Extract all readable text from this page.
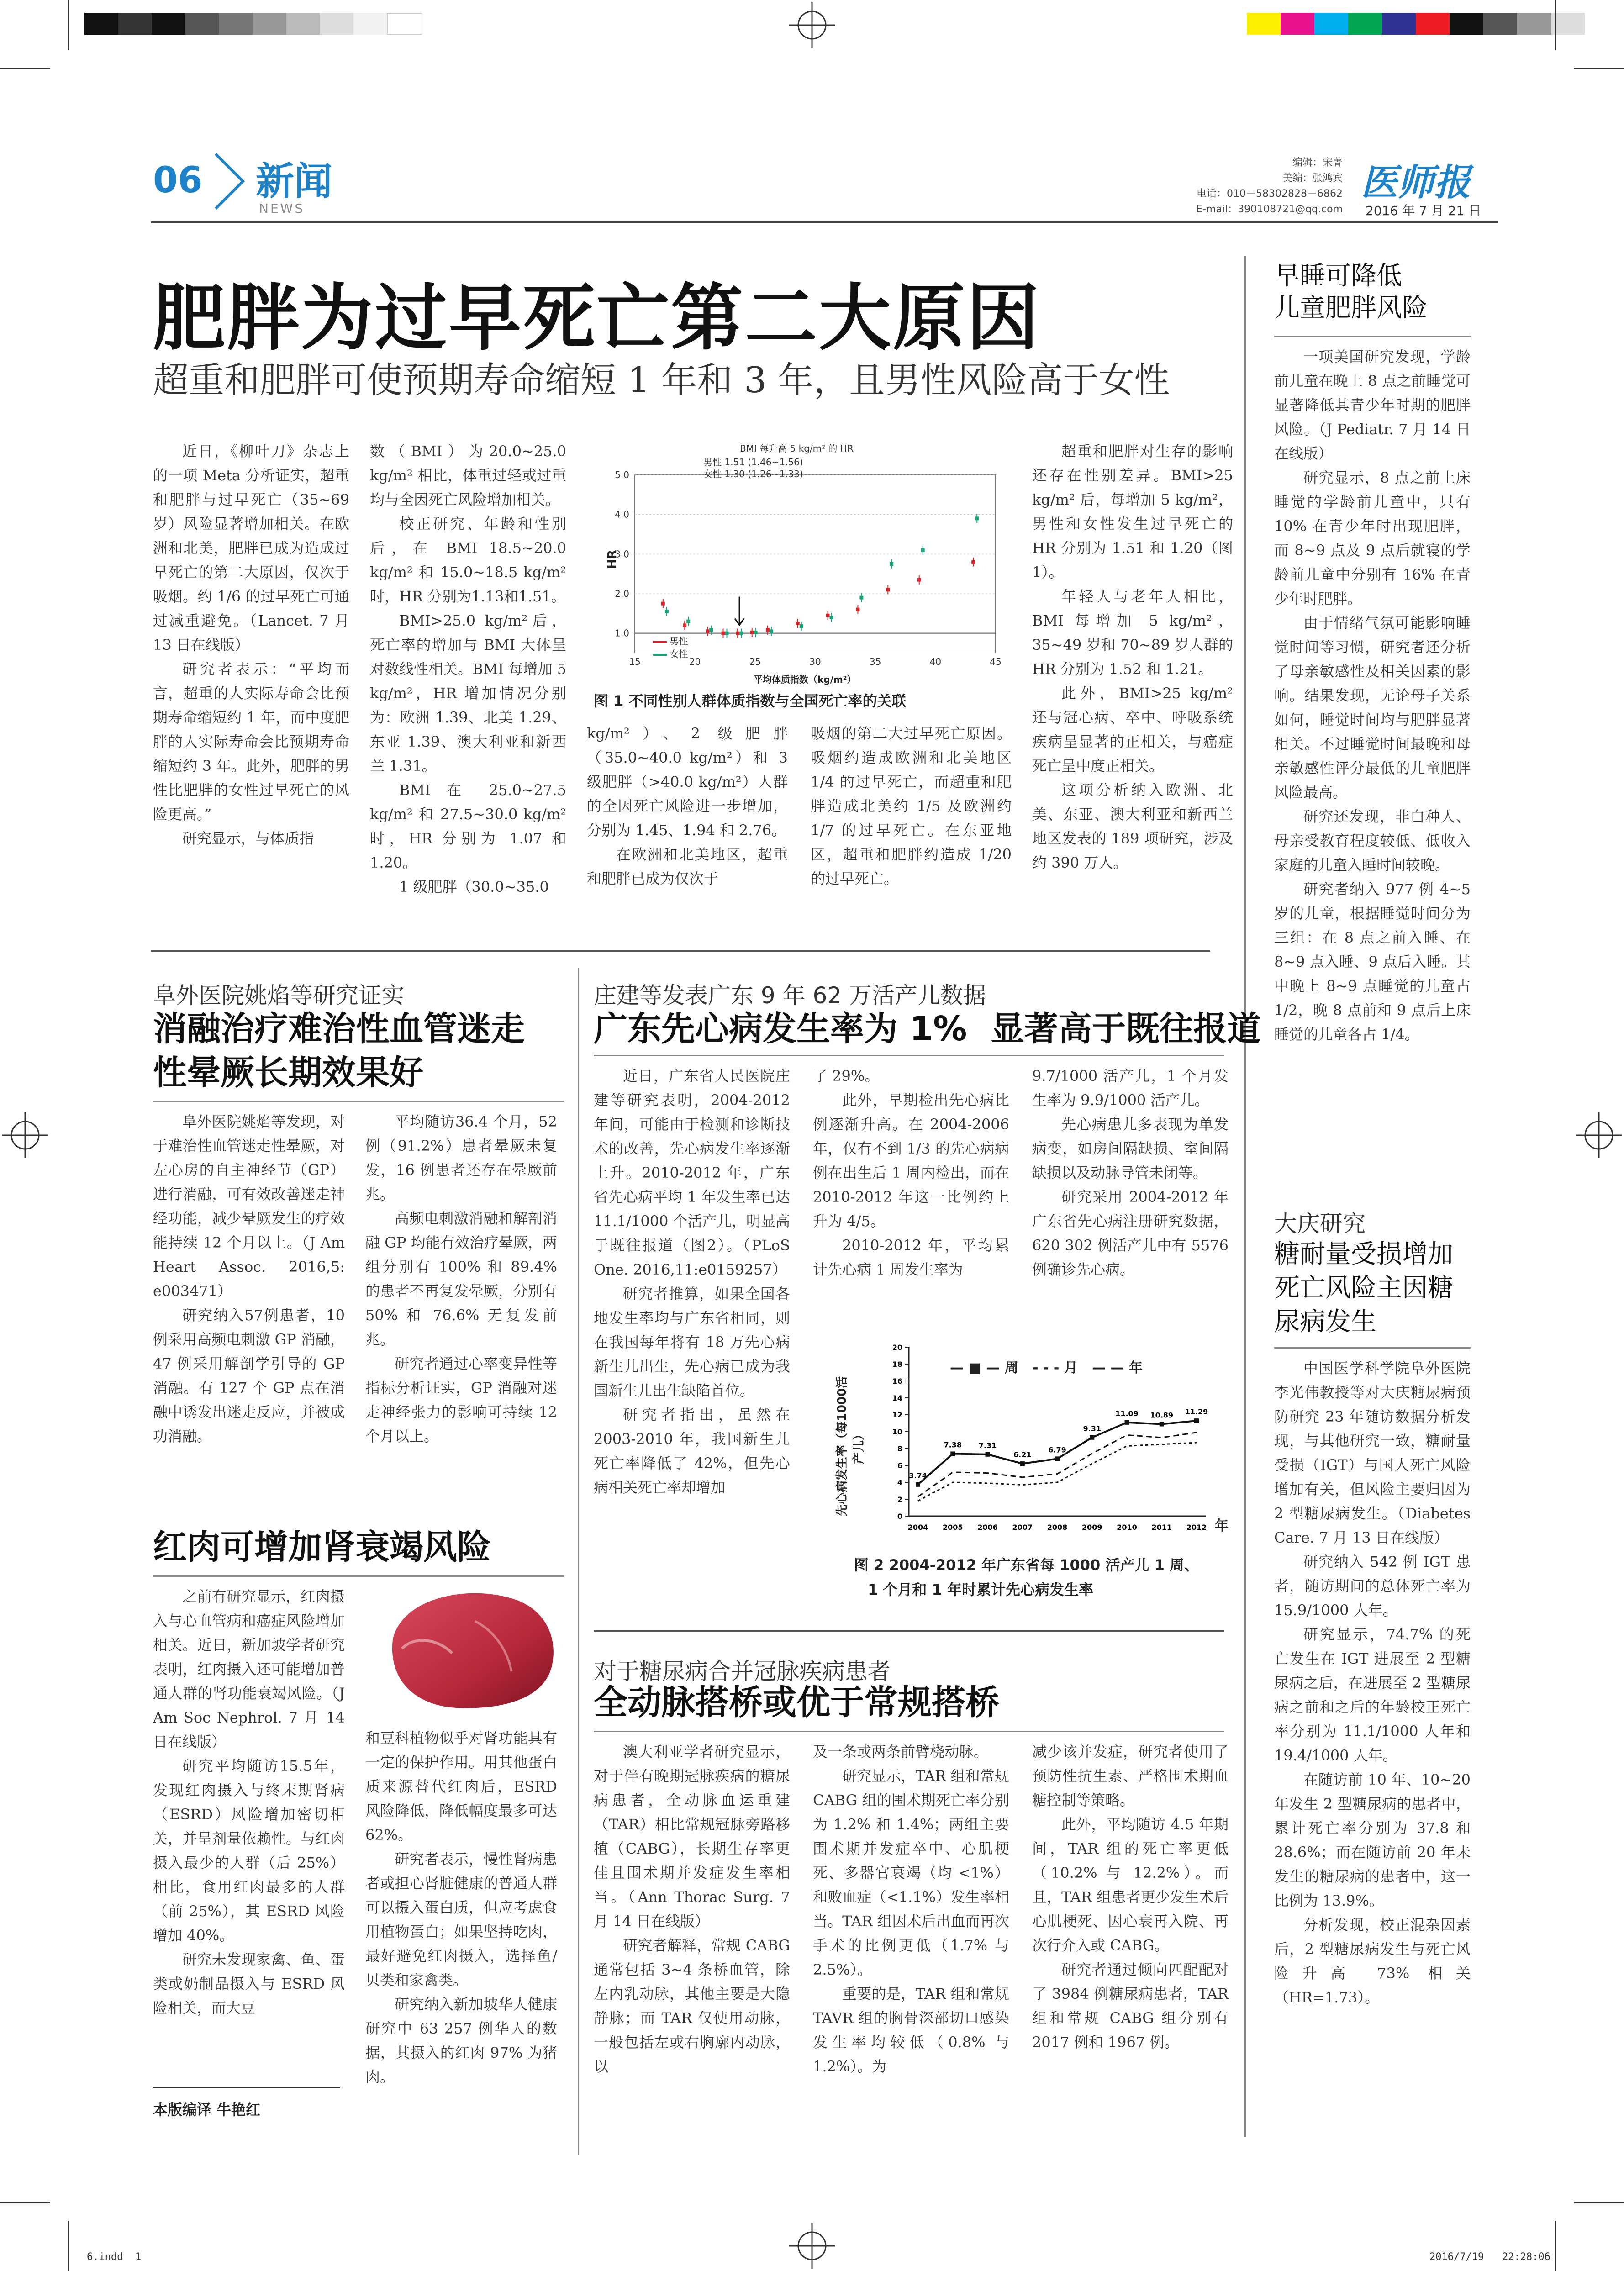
06 新闻
NEWS
编辑：宋菁
美编：张鸿宾
电话：010－58302828－6862
E-mail：390108721@qq.com
医师报
2016 年 7 月 21 日
肥胖为过早死亡第二大原因
超重和肥胖可使预期寿命缩短 1 年和 3 年，且男性风险高于女性

近日，《柳叶刀》杂志上的一项 Meta 分析证实，超重和肥胖与过早死亡（35~69 岁）风险显著增加相关。在欧洲和北美，肥胖已成为造成过早死亡的第二大原因，仅次于吸烟。约 1/6 的过早死亡可通过减重避免。（Lancet. 7 月 13 日在线版）

研究者表示：“平均而言，超重的人实际寿命会比预期寿命缩短约 1 年，而中度肥胖的人实际寿命会比预期寿命缩短约 3 年。此外，肥胖的男性比肥胖的女性过早死亡的风险更高。”

研究显示，与体质指

数（BMI）为20.0~25.0 kg/m² 相比，体重过轻或过重均与全因死亡风险增加相关。

校正研究、年龄和性别后，在 BMI 18.5~20.0 kg/m² 和 15.0~18.5 kg/m² 时，HR 分别为1.13和1.51。

BMI>25.0 kg/m²后，死亡率的增加与 BMI 大体呈对数线性相关。BMI 每增加 5 kg/m²，HR 增加情况分别为：欧洲 1.39、北美 1.29、东亚 1.39、澳大利亚和新西兰 1.31。

BMI 在 25.0~27.5 kg/m² 和 27.5~30.0 kg/m² 时，HR 分别为 1.07 和 1.20。

1 级肥胖（30.0~35.0

1.0
2.0
3.0
4.0
5.0
15	20	25	30	35	40	45
BMI 每升高 5 kg/m² 的 HR
男性 1.51 (1.46~1.56)
女性 1.30 (1.26~1.33)
HR
平均体质指数（kg/m²）
男性
女性
图 1 不同性别人群体质指数与全国死亡率的关联

kg/m²）、2 级肥胖（35.0~40.0 kg/m²）和 3 级肥胖（>40.0 kg/m²）人群的全因死亡风险进一步增加，分别为 1.45、1.94 和 2.76。

在欧洲和北美地区，超重和肥胖已成为仅次于

吸烟的第二大过早死亡原因。吸烟约造成欧洲和北美地区 1/4 的过早死亡，而超重和肥胖造成北美约 1/5 及欧洲约 1/7 的过早死亡。在东亚地区，超重和肥胖约造成 1/20 的过早死亡。

超重和肥胖对生存的影响还存在性别差异。BMI>25 kg/m² 后，每增加 5 kg/m²，男性和女性发生过早死亡的 HR 分别为 1.51 和 1.20（图 1）。

年轻人与老年人相比，BMI 每增加 5 kg/m²，35~49 岁和 70~89 岁人群的 HR 分别为 1.52 和 1.21。

此外，BMI>25 kg/m² 还与冠心病、卒中、呼吸系统疾病呈显著的正相关，与癌症死亡呈中度正相关。

这项分析纳入欧洲、北美、东亚、澳大利亚和新西兰地区发表的 189 项研究，涉及约 390 万人。

阜外医院姚焰等研究证实
消融治疗难治性血管迷走
性晕厥长期效果好

阜外医院姚焰等发现，对于难治性血管迷走性晕厥，对左心房的自主神经节（GP）进行消融，可有效改善迷走神经功能，减少晕厥发生的疗效能持续 12 个月以上。（J Am Heart Assoc. 2016,5: e003471）

研究纳入57例患者，10 例采用高频电刺激 GP 消融，47 例采用解剖学引导的 GP 消融。有 127 个 GP 点在消融中诱发出迷走反应，并被成功消融。

平均随访36.4 个月，52 例（91.2%）患者晕厥未复发，16 例患者还存在晕厥前兆。

高频电刺激消融和解剖消融 GP 均能有效治疗晕厥，两组分别有 100% 和 89.4% 的患者不再复发晕厥，分别有 50% 和 76.6% 无复发前兆。

研究者通过心率变异性等指标分析证实，GP 消融对迷走神经张力的影响可持续 12 个月以上。

红肉可增加肾衰竭风险

之前有研究显示，红肉摄入与心血管病和癌症风险增加相关。近日，新加坡学者研究表明，红肉摄入还可能增加普通人群的肾功能衰竭风险。（J Am Soc Nephrol. 7 月 14 日在线版）

研究平均随访15.5年，发现红肉摄入与终末期肾病（ESRD）风险增加密切相关，并呈剂量依赖性。与红肉摄入最少的人群（后 25%）相比，食用红肉最多的人群（前 25%），其 ESRD 风险增加 40%。

研究未发现家禽、鱼、蛋类或奶制品摄入与 ESRD 风险相关，而大豆

和豆科植物似乎对肾功能具有一定的保护作用。用其他蛋白质来源替代红肉后，ESRD 风险降低，降低幅度最多可达 62%。

研究者表示，慢性肾病患者或担心肾脏健康的普通人群可以摄入蛋白质，但应考虑食用植物蛋白；如果坚持吃肉，最好避免红肉摄入，选择鱼/贝类和家禽类。

研究纳入新加坡华人健康研究中 63 257 例华人的数据，其摄入的红肉 97% 为猪肉。

本版编译 牛艳红
庄建等发表广东 9 年 62 万活产儿数据
广东先心病发生率为 1%  显著高于既往报道

近日，广东省人民医院庄建等研究表明，2004-2012 年间，可能由于检测和诊断技术的改善，先心病发生率逐渐上升。2010-2012 年，广东省先心病平均 1 年发生率已达 11.1/1000 个活产儿，明显高于既往报道（图2）。（PLoS One. 2016,11:e0159257）

研究者推算，如果全国各地发生率均与广东省相同，则在我国每年将有 18 万先心病新生儿出生，先心病已成为我国新生儿出生缺陷首位。

研究者指出，虽然在 2003-2010 年，我国新生儿死亡率降低了 42%，但先心病相关死亡率却增加

了 29%。

此外，早期检出先心病比例逐渐升高。在 2004-2006 年，仅有不到 1/3 的先心病病例在出生后 1 周内检出，而在 2010-2012 年这一比例约上升为 4/5。

2010-2012 年，平均累计先心病 1 周发生率为

9.7/1000 活产儿，1 个月发生率为 9.9/1000 活产儿。

先心病患儿多表现为单发病变，如房间隔缺损、室间隔缺损以及动脉导管未闭等。

研究采用 2004-2012 年广东省先心病注册研究数据，620 302 例活产儿中有 5576 例确诊先心病。

0
2
4
6
8
10
12
14
16
18
20
2004 2005 2006 2007 2008 2009 2010 2011 2012
3.74
7.38 7.31
6.21
6.79
9.31
11.09 10.89 11.29
— ■ — 周 - - - 月 — — 年
先心病发生率（每1000活产儿）
年
图 2 2004-2012 年广东省每 1000 活产儿 1 周、
1 个月和 1 年时累计先心病发生率
对于糖尿病合并冠脉疾病患者
全动脉搭桥或优于常规搭桥

澳大利亚学者研究显示，对于伴有晚期冠脉疾病的糖尿病患者，全动脉血运重建（TAR）相比常规冠脉旁路移植（CABG），长期生存率更佳且围术期并发症发生率相当。（Ann Thorac Surg. 7 月 14 日在线版）

研究者解释，常规 CABG 通常包括 3~4 条桥血管，除左内乳动脉，其他主要是大隐静脉；而 TAR 仅使用动脉，一般包括左或右胸廓内动脉，以

及一条或两条前臂桡动脉。

研究显示，TAR 组和常规 CABG 组的围术期死亡率分别为 1.2% 和 1.4%；两组主要围术期并发症卒中、心肌梗死、多器官衰竭（均 <1%）和败血症（<1.1%）发生率相当。TAR 组因术后出血而再次手术的比例更低（1.7% 与 2.5%）。

重要的是，TAR 组和常规 TAVR 组的胸骨深部切口感染发生率均较低（0.8% 与 1.2%）。为

减少该并发症，研究者使用了预防性抗生素、严格围术期血糖控制等策略。

此外，平均随访 4.5 年期间，TAR 组的死亡率更低（10.2% 与 12.2%）。而且，TAR 组患者更少发生术后心肌梗死、因心衰再入院、再次行介入或 CABG。

研究者通过倾向匹配配对了 3984 例糖尿病患者，TAR 组和常规 CABG 组分别有 2017 例和 1967 例。

早睡可降低
儿童肥胖风险

一项美国研究发现，学龄前儿童在晚上 8 点之前睡觉可显著降低其青少年时期的肥胖风险。（J Pediatr. 7 月 14 日在线版）

研究显示，8 点之前上床睡觉的学龄前儿童中，只有 10% 在青少年时出现肥胖，而 8~9 点及 9 点后就寝的学龄前儿童中分别有 16% 在青少年时肥胖。

由于情绪气氛可能影响睡觉时间等习惯，研究者还分析了母亲敏感性及相关因素的影响。结果发现，无论母子关系如何，睡觉时间均与肥胖显著相关。不过睡觉时间最晚和母亲敏感性评分最低的儿童肥胖风险最高。

研究还发现，非白种人、母亲受教育程度较低、低收入家庭的儿童入睡时间较晚。

研究者纳入 977 例 4~5 岁的儿童，根据睡觉时间分为三组：在 8 点之前入睡、在 8~9 点入睡、9 点后入睡。其中晚上 8~9 点睡觉的儿童占 1/2，晚 8 点前和 9 点后上床睡觉的儿童各占 1/4。

大庆研究
糖耐量受损增加
死亡风险主因糖
尿病发生

中国医学科学院阜外医院李光伟教授等对大庆糖尿病预防研究 23 年随访数据分析发现，与其他研究一致，糖耐量受损（IGT）与国人死亡风险增加有关，但风险主要归因为 2 型糖尿病发生。（Diabetes Care. 7 月 13 日在线版）

研究纳入 542 例 IGT 患者，随访期间的总体死亡率为 15.9/1000 人年。

研究显示，74.7% 的死亡发生在 IGT 进展至 2 型糖尿病之后，在进展至 2 型糖尿病之前和之后的年龄校正死亡率分别为 11.1/1000 人年和 19.4/1000 人年。

在随访前 10 年、10~20 年发生 2 型糖尿病的患者中，累计死亡率分别为 37.8 和 28.6%；而在随访前 20 年未发生的糖尿病的患者中，这一比例为 13.9%。

分析发现，校正混杂因素后，2 型糖尿病发生与死亡风险升高 73% 相关（HR=1.73）。

6.indd  1	2016/7/19   22:28:06
